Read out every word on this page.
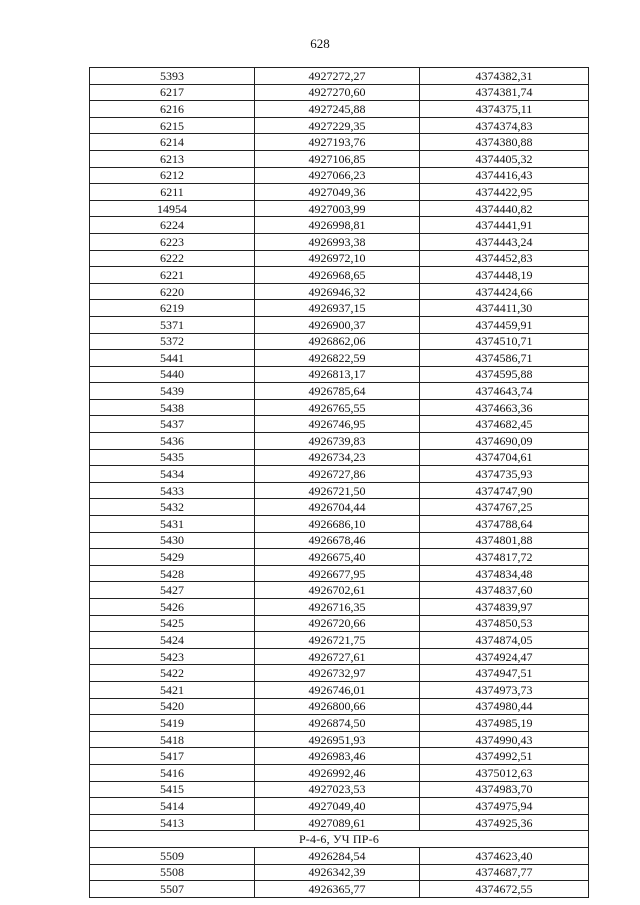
628
5393	4927272,27	4374382,31
6217	4927270,60	4374381,74
6216	4927245,88	4374375,11
6215	4927229,35	4374374,83
6214	4927193,76	4374380,88
6213	4927106,85	4374405,32
6212	4927066,23	4374416,43
6211	4927049,36	4374422,95
14954	4927003,99	4374440,82
6224	4926998,81	4374441,91
6223	4926993,38	4374443,24
6222	4926972,10	4374452,83
6221	4926968,65	4374448,19
6220	4926946,32	4374424,66
6219	4926937,15	4374411,30
5371	4926900,37	4374459,91
5372	4926862,06	4374510,71
5441	4926822,59	4374586,71
5440	4926813,17	4374595,88
5439	4926785,64	4374643,74
5438	4926765,55	4374663,36
5437	4926746,95	4374682,45
5436	4926739,83	4374690,09
5435	4926734,23	4374704,61
5434	4926727,86	4374735,93
5433	4926721,50	4374747,90
5432	4926704,44	4374767,25
5431	4926686,10	4374788,64
5430	4926678,46	4374801,88
5429	4926675,40	4374817,72
5428	4926677,95	4374834,48
5427	4926702,61	4374837,60
5426	4926716,35	4374839,97
5425	4926720,66	4374850,53
5424	4926721,75	4374874,05
5423	4926727,61	4374924,47
5422	4926732,97	4374947,51
5421	4926746,01	4374973,73
5420	4926800,66	4374980,44
5419	4926874,50	4374985,19
5418	4926951,93	4374990,43
5417	4926983,46	4374992,51
5416	4926992,46	4375012,63
5415	4927023,53	4374983,70
5414	4927049,40	4374975,94
5413	4927089,61	4374925,36
Р-4-6, УЧ ПР-6		
5509	4926284,54	4374623,40
5508	4926342,39	4374687,77
5507	4926365,77	4374672,55
